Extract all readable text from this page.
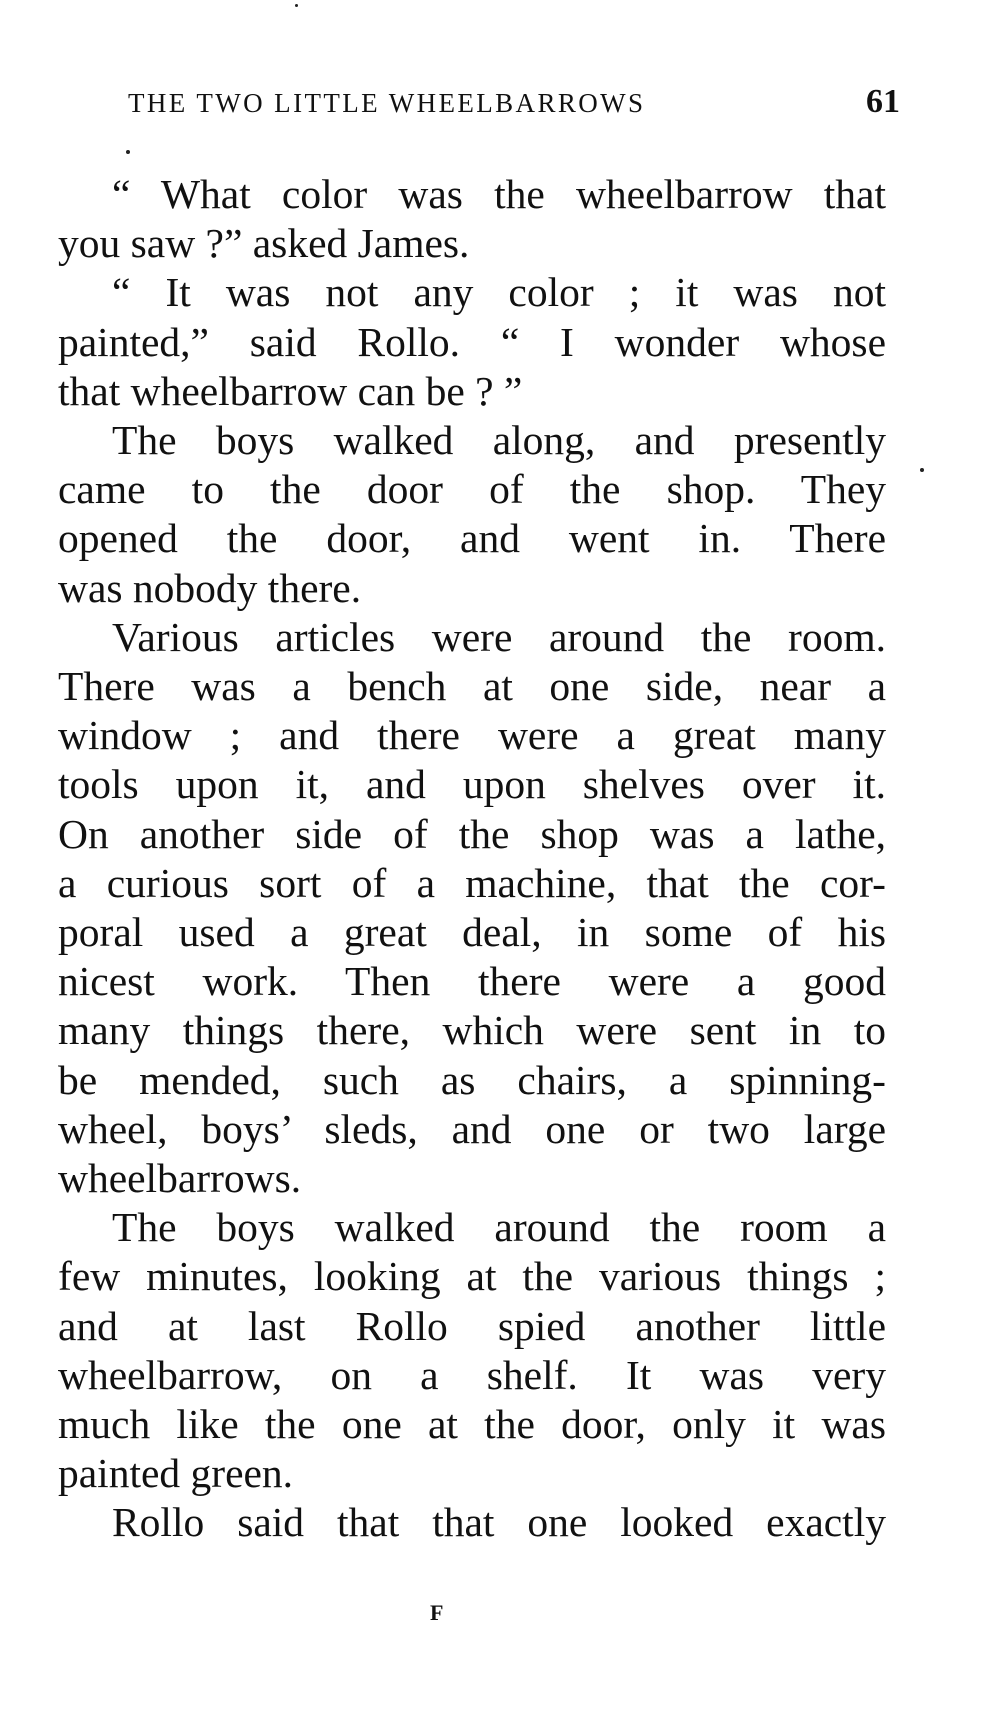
THE TWO LITTLE WHEELBARROWS	61
“ What color was the wheelbarrow that
you saw ?” asked James.
“ It was not any color ; it was not
painted,” said Rollo. “ I wonder whose
that wheelbarrow can be ? ”
The boys walked along, and presently
came to the door of the shop. They
opened the door, and went in. There
was nobody there.
Various articles were around the room.
There was a bench at one side, near a
window ; and there were a great many
tools upon it, and upon shelves over it.
On another side of the shop was a lathe,
a curious sort of a machine, that the cor-
poral used a great deal, in some of his
nicest work. Then there were a good
many things there, which were sent in to
be mended, such as chairs, a spinning-
wheel, boys’ sleds, and one or two large
wheelbarrows.
The boys walked around the room a
few minutes, looking at the various things ;
and at last Rollo spied another little
wheelbarrow, on a shelf. It was very
much like the one at the door, only it was
painted green.
Rollo said that that one looked exactly
F
